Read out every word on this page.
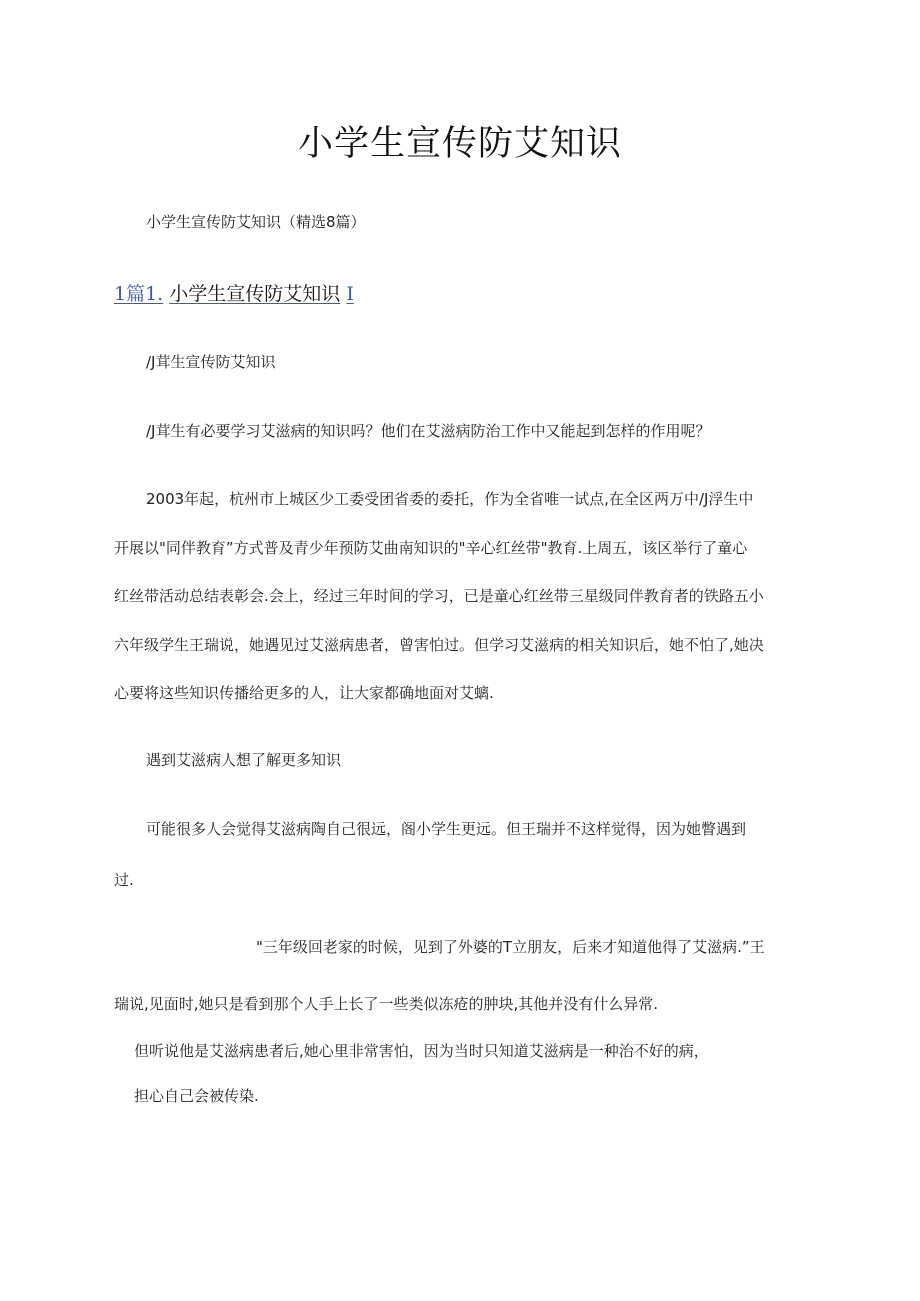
小学生宣传防艾知识
小学生宣传防艾知识（精选8篇）
1篇1. 小学生宣传防艾知识 I
/J茸生宣传防艾知识
/J茸生有必要学习艾滋病的知识吗？他们在艾滋病防治工作中又能起到怎样的作用呢？
2003年起，杭州市上城区少工委受团省委的委托，作为全省唯一试点,在全区两万中/J浮生中
开展以"同伴教育”方式普及青少年预防艾曲南知识的"辛心红丝带"教育.上周五，该区举行了童心
红丝带活动总结表彰会.会上，经过三年时间的学习，已是童心红丝带三星级同伴教育者的铁路五小
六年级学生王瑞说，她遇见过艾滋病患者，曾害怕过。但学习艾滋病的相关知识后，她不怕了,她决
心要将这些知识传播给更多的人，让大家都确地面对艾螭.
遇到艾滋病人想了解更多知识
可能很多人会觉得艾滋病陶自己很远，阁小学生更远。但王瑞并不这样觉得，因为她瞥遇到
过.
"三年级回老家的时候，见到了外婆的T立朋友，后来才知道他得了艾滋病.”王
瑞说,见面时,她只是看到那个人手上长了一些类似冻疮的肿块,其他并没有什么异常.
但听说他是艾滋病患者后,她心里非常害怕，因为当时只知道艾滋病是一种治不好的病，
担心自己会被传染.
